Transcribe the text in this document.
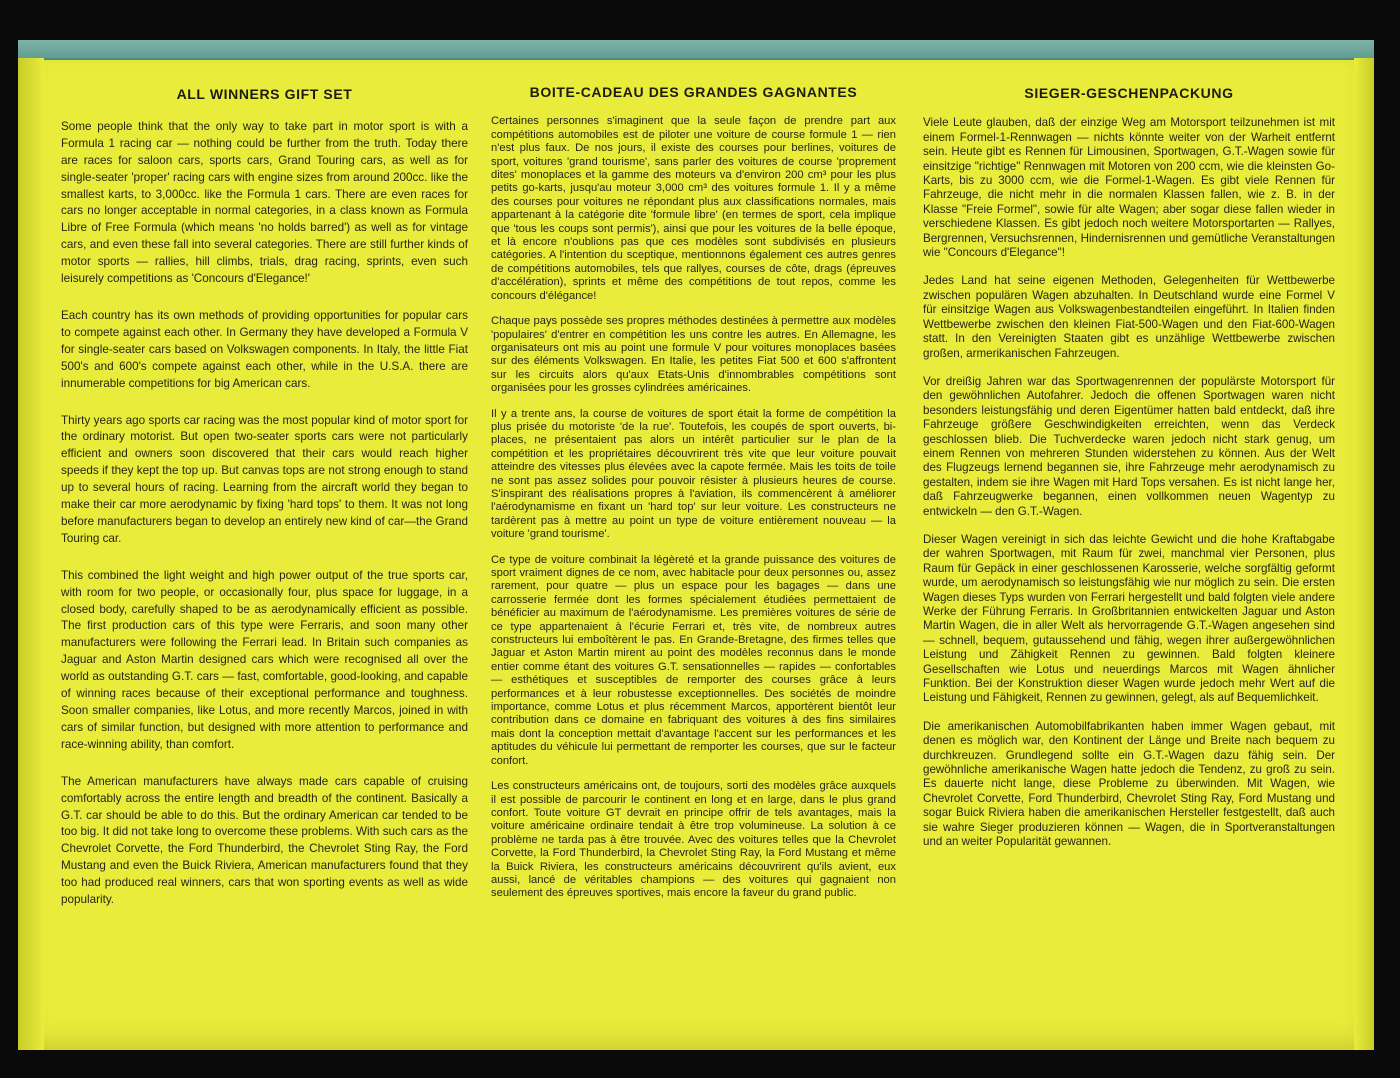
ALL WINNERS GIFT SET

Some people think that the only way to take part in motor sport is with a Formula 1 racing car — nothing could be further from the truth. Today there are races for saloon cars, sports cars, Grand Touring cars, as well as for single-seater 'proper' racing cars with engine sizes from around 200cc. like the smallest karts, to 3,000cc. like the Formula 1 cars. There are even races for cars no longer acceptable in normal categories, in a class known as Formula Libre of Free Formula (which means 'no holds barred') as well as for vintage cars, and even these fall into several categories. There are still further kinds of motor sports — rallies, hill climbs, trials, drag racing, sprints, even such leisurely competitions as 'Concours d'Elegance!'

Each country has its own methods of providing opportunities for popular cars to compete against each other. In Germany they have developed a Formula V for single-seater cars based on Volkswagen components. In Italy, the little Fiat 500's and 600's compete against each other, while in the U.S.A. there are innumerable competitions for big American cars.

Thirty years ago sports car racing was the most popular kind of motor sport for the ordinary motorist. But open two-seater sports cars were not particularly efficient and owners soon discovered that their cars would reach higher speeds if they kept the top up. But canvas tops are not strong enough to stand up to several hours of racing. Learning from the aircraft world they began to make their car more aerodynamic by fixing 'hard tops' to them. It was not long before manufacturers began to develop an entirely new kind of car—the Grand Touring car.

This combined the light weight and high power output of the true sports car, with room for two people, or occasionally four, plus space for luggage, in a closed body, carefully shaped to be as aerodynamically efficient as possible. The first production cars of this type were Ferraris, and soon many other manufacturers were following the Ferrari lead. In Britain such companies as Jaguar and Aston Martin designed cars which were recognised all over the world as outstanding G.T. cars — fast, comfortable, good-looking, and capable of winning races because of their exceptional performance and toughness. Soon smaller companies, like Lotus, and more recently Marcos, joined in with cars of similar function, but designed with more attention to performance and race-winning ability, than comfort.

The American manufacturers have always made cars capable of cruising comfortably across the entire length and breadth of the continent. Basically a G.T. car should be able to do this. But the ordinary American car tended to be too big. It did not take long to overcome these problems. With such cars as the Chevrolet Corvette, the Ford Thunderbird, the Chevrolet Sting Ray, the Ford Mustang and even the Buick Riviera, American manufacturers found that they too had produced real winners, cars that won sporting events as well as wide popularity.

BOITE-CADEAU DES GRANDES GAGNANTES

Certaines personnes s'imaginent que la seule façon de prendre part aux compétitions automobiles est de piloter une voiture de course formule 1 — rien n'est plus faux. De nos jours, il existe des courses pour berlines, voitures de sport, voitures 'grand tourisme', sans parler des voitures de course 'proprement dites' monoplaces et la gamme des moteurs va d'environ 200 cm³ pour les plus petits go-karts, jusqu'au moteur 3,000 cm³ des voitures formule 1. Il y a même des courses pour voitures ne répondant plus aux classifications normales, mais appartenant à la catégorie dite 'formule libre' (en termes de sport, cela implique que 'tous les coups sont permis'), ainsi que pour les voitures de la belle époque, et là encore n'oublions pas que ces modèles sont subdivisés en plusieurs catégories. A l'intention du sceptique, mentionnons également ces autres genres de compétitions automobiles, tels que rallyes, courses de côte, drags (épreuves d'accélération), sprints et même des compétitions de tout repos, comme les concours d'élégance!

Chaque pays possède ses propres méthodes destinées à permettre aux modèles 'populaires' d'entrer en compétition les uns contre les autres. En Allemagne, les organisateurs ont mis au point une formule V pour voitures monoplaces basées sur des éléments Volkswagen. En Italie, les petites Fiat 500 et 600 s'affrontent sur les circuits alors qu'aux Etats-Unis d'innombrables compétitions sont organisées pour les grosses cylindrées américaines.

Il y a trente ans, la course de voitures de sport était la forme de compétition la plus prisée du motoriste 'de la rue'. Toutefois, les coupés de sport ouverts, bi-places, ne présentaient pas alors un intérêt particulier sur le plan de la compétition et les propriétaires découvrirent très vite que leur voiture pouvait atteindre des vitesses plus élevées avec la capote fermée. Mais les toits de toile ne sont pas assez solides pour pouvoir résister à plusieurs heures de course. S'inspirant des réalisations propres à l'aviation, ils commencèrent à améliorer l'aérodynamisme en fixant un 'hard top' sur leur voiture. Les constructeurs ne tardèrent pas à mettre au point un type de voiture entièrement nouveau — la voiture 'grand tourisme'.

Ce type de voiture combinait la légèreté et la grande puissance des voitures de sport vraiment dignes de ce nom, avec habitacle pour deux personnes ou, assez rarement, pour quatre — plus un espace pour les bagages — dans une carrosserie fermée dont les formes spécialement étudiées permettaient de bénéficier au maximum de l'aérodynamisme. Les premières voitures de série de ce type appartenaient à l'écurie Ferrari et, très vite, de nombreux autres constructeurs lui emboîtèrent le pas. En Grande-Bretagne, des firmes telles que Jaguar et Aston Martin mirent au point des modèles reconnus dans le monde entier comme étant des voitures G.T. sensationnelles — rapides — confortables — esthétiques et susceptibles de remporter des courses grâce à leurs performances et à leur robustesse exceptionnelles. Des sociétés de moindre importance, comme Lotus et plus récemment Marcos, apportèrent bientôt leur contribution dans ce domaine en fabriquant des voitures à des fins similaires mais dont la conception mettait d'avantage l'accent sur les performances et les aptitudes du véhicule lui permettant de remporter les courses, que sur le facteur confort.

Les constructeurs américains ont, de toujours, sorti des modèles grâce auxquels il est possible de parcourir le continent en long et en large, dans le plus grand confort. Toute voiture GT devrait en principe offrir de tels avantages, mais la voiture américaine ordinaire tendait à être trop volumineuse. La solution à ce problème ne tarda pas à être trouvée. Avec des voitures telles que la Chevrolet Corvette, la Ford Thunderbird, la Chevrolet Sting Ray, la Ford Mustang et même la Buick Riviera, les constructeurs américains découvrirent qu'ils avient, eux aussi, lancé de véritables champions — des voitures qui gagnaient non seulement des épreuves sportives, mais encore la faveur du grand public.

SIEGER-GESCHENPACKUNG

Viele Leute glauben, daß der einzige Weg am Motorsport teilzunehmen ist mit einem Formel-1-Rennwagen — nichts könnte weiter von der Warheit entfernt sein. Heute gibt es Rennen für Limousinen, Sportwagen, G.T.-Wagen sowie für einsitzige "richtige" Rennwagen mit Motoren von 200 ccm, wie die kleinsten Go-Karts, bis zu 3000 ccm, wie die Formel-1-Wagen. Es gibt viele Rennen für Fahrzeuge, die nicht mehr in die normalen Klassen fallen, wie z. B. in der Klasse "Freie Formel", sowie für alte Wagen; aber sogar diese fallen wieder in verschiedene Klassen. Es gibt jedoch noch weitere Motorsportarten — Rallyes, Bergrennen, Versuchsrennen, Hindernisrennen und gemütliche Veranstaltungen wie "Concours d'Elegance"!

Jedes Land hat seine eigenen Methoden, Gelegenheiten für Wettbewerbe zwischen populären Wagen abzuhalten. In Deutschland wurde eine Formel V für einsitzige Wagen aus Volkswagenbestandteilen eingeführt. In Italien finden Wettbewerbe zwischen den kleinen Fiat-500-Wagen und den Fiat-600-Wagen statt. In den Vereinigten Staaten gibt es unzählige Wettbewerbe zwischen großen, armerikanischen Fahrzeugen.

Vor dreißig Jahren war das Sportwagenrennen der populärste Motorsport für den gewöhnlichen Autofahrer. Jedoch die offenen Sportwagen waren nicht besonders leistungsfähig und deren Eigentümer hatten bald entdeckt, daß ihre Fahrzeuge größere Geschwindigkeiten erreichten, wenn das Verdeck geschlossen blieb. Die Tuchverdecke waren jedoch nicht stark genug, um einem Rennen von mehreren Stunden widerstehen zu können. Aus der Welt des Flugzeugs lernend begannen sie, ihre Fahrzeuge mehr aerodynamisch zu gestalten, indem sie ihre Wagen mit Hard Tops versahen. Es ist nicht lange her, daß Fahrzeugwerke begannen, einen vollkommen neuen Wagentyp zu entwickeln — den G.T.-Wagen.

Dieser Wagen vereinigt in sich das leichte Gewicht und die hohe Kraftabgabe der wahren Sportwagen, mit Raum für zwei, manchmal vier Personen, plus Raum für Gepäck in einer geschlossenen Karosserie, welche sorgfältig geformt wurde, um aerodynamisch so leistungsfähig wie nur möglich zu sein. Die ersten Wagen dieses Typs wurden von Ferrari hergestellt und bald folgten viele andere Werke der Führung Ferraris. In Großbritannien entwickelten Jaguar und Aston Martin Wagen, die in aller Welt als hervorragende G.T.-Wagen angesehen sind — schnell, bequem, gutaussehend und fähig, wegen ihrer außergewöhnlichen Leistung und Zähigkeit Rennen zu gewinnen. Bald folgten kleinere Gesellschaften wie Lotus und neuerdings Marcos mit Wagen ähnlicher Funktion. Bei der Konstruktion dieser Wagen wurde jedoch mehr Wert auf die Leistung und Fähigkeit, Rennen zu gewinnen, gelegt, als auf Bequemlichkeit.

Die amerikanischen Automobilfabrikanten haben immer Wagen gebaut, mit denen es möglich war, den Kontinent der Länge und Breite nach bequem zu durchkreuzen. Grundlegend sollte ein G.T.-Wagen dazu fähig sein. Der gewöhnliche amerikanische Wagen hatte jedoch die Tendenz, zu groß zu sein. Es dauerte nicht lange, diese Probleme zu überwinden. Mit Wagen, wie Chevrolet Corvette, Ford Thunderbird, Chevrolet Sting Ray, Ford Mustang und sogar Buick Riviera haben die amerikanischen Hersteller festgestellt, daß auch sie wahre Sieger produzieren können — Wagen, die in Sportveranstaltungen und an weiter Popularität gewannen.
